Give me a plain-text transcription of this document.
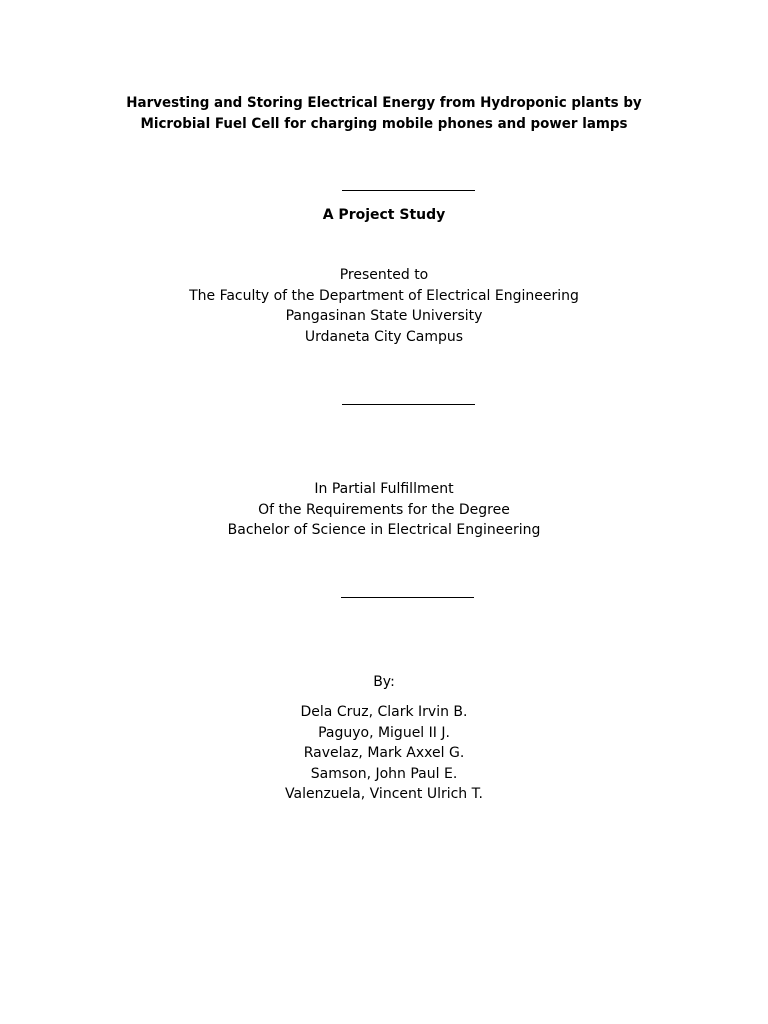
Harvesting and Storing Electrical Energy from Hydroponic plants by
Microbial Fuel Cell for charging mobile phones and power lamps
A Project Study
Presented to
The Faculty of the Department of Electrical Engineering
Pangasinan State University
Urdaneta City Campus
In Partial Fulfillment
Of the Requirements for the Degree
Bachelor of Science in Electrical Engineering
By:
Dela Cruz, Clark Irvin B.
Paguyo, Miguel II J.
Ravelaz, Mark Axxel G.
Samson, John Paul E.
Valenzuela, Vincent Ulrich T.
